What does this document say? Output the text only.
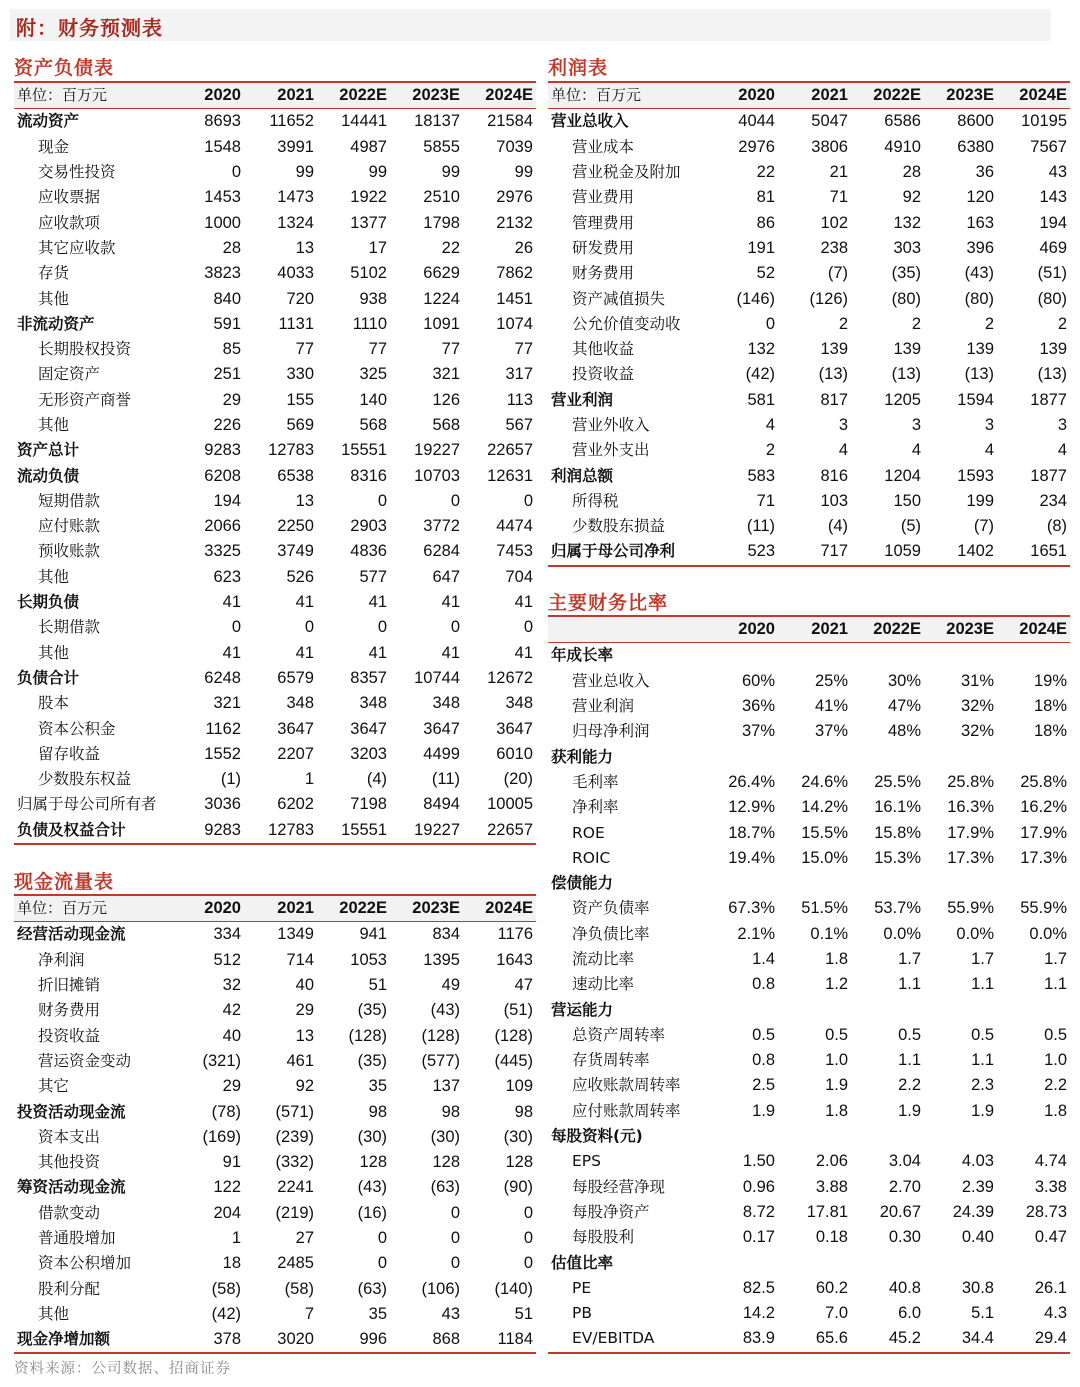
附：财务预测表
资产负债表
单位：百万元	2020	2021	2022E	2023E	2024E
流动资产	8693	11652	14441	18137	21584
现金	1548	3991	4987	5855	7039
交易性投资	0	99	99	99	99
应收票据	1453	1473	1922	2510	2976
应收款项	1000	1324	1377	1798	2132
其它应收款	28	13	17	22	26
存货	3823	4033	5102	6629	7862
其他	840	720	938	1224	1451
非流动资产	591	1131	1110	1091	1074
长期股权投资	85	77	77	77	77
固定资产	251	330	325	321	317
无形资产商誉	29	155	140	126	113
其他	226	569	568	568	567
资产总计	9283	12783	15551	19227	22657
流动负债	6208	6538	8316	10703	12631
短期借款	194	13	0	0	0
应付账款	2066	2250	2903	3772	4474
预收账款	3325	3749	4836	6284	7453
其他	623	526	577	647	704
长期负债	41	41	41	41	41
长期借款	0	0	0	0	0
其他	41	41	41	41	41
负债合计	6248	6579	8357	10744	12672
股本	321	348	348	348	348
资本公积金	1162	3647	3647	3647	3647
留存收益	1552	2207	3203	4499	6010
少数股东权益	(1)	1	(4)	(11)	(20)
归属于母公司所有者	3036	6202	7198	8494	10005
负债及权益合计	9283	12783	15551	19227	22657
现金流量表
单位：百万元	2020	2021	2022E	2023E	2024E
经营活动现金流	334	1349	941	834	1176
净利润	512	714	1053	1395	1643
折旧摊销	32	40	51	49	47
财务费用	42	29	(35)	(43)	(51)
投资收益	40	13	(128)	(128)	(128)
营运资金变动	(321)	461	(35)	(577)	(445)
其它	29	92	35	137	109
投资活动现金流	(78)	(571)	98	98	98
资本支出	(169)	(239)	(30)	(30)	(30)
其他投资	91	(332)	128	128	128
筹资活动现金流	122	2241	(43)	(63)	(90)
借款变动	204	(219)	(16)	0	0
普通股增加	1	27	0	0	0
资本公积增加	18	2485	0	0	0
股利分配	(58)	(58)	(63)	(106)	(140)
其他	(42)	7	35	43	51
现金净增加额	378	3020	996	868	1184
利润表
单位：百万元	2020	2021	2022E	2023E	2024E
营业总收入	4044	5047	6586	8600	10195
营业成本	2976	3806	4910	6380	7567
营业税金及附加	22	21	28	36	43
营业费用	81	71	92	120	143
管理费用	86	102	132	163	194
研发费用	191	238	303	396	469
财务费用	52	(7)	(35)	(43)	(51)
资产减值损失	(146)	(126)	(80)	(80)	(80)
公允价值变动收	0	2	2	2	2
其他收益	132	139	139	139	139
投资收益	(42)	(13)	(13)	(13)	(13)
营业利润	581	817	1205	1594	1877
营业外收入	4	3	3	3	3
营业外支出	2	4	4	4	4
利润总额	583	816	1204	1593	1877
所得税	71	103	150	199	234
少数股东损益	(11)	(4)	(5)	(7)	(8)
归属于母公司净利	523	717	1059	1402	1651
主要财务比率
	2020	2021	2022E	2023E	2024E
年成长率					
营业总收入	60%	25%	30%	31%	19%
营业利润	36%	41%	47%	32%	18%
归母净利润	37%	37%	48%	32%	18%
获利能力					
毛利率	26.4%	24.6%	25.5%	25.8%	25.8%
净利率	12.9%	14.2%	16.1%	16.3%	16.2%
ROE	18.7%	15.5%	15.8%	17.9%	17.9%
ROIC	19.4%	15.0%	15.3%	17.3%	17.3%
偿债能力					
资产负债率	67.3%	51.5%	53.7%	55.9%	55.9%
净负债比率	2.1%	0.1%	0.0%	0.0%	0.0%
流动比率	1.4	1.8	1.7	1.7	1.7
速动比率	0.8	1.2	1.1	1.1	1.1
营运能力					
总资产周转率	0.5	0.5	0.5	0.5	0.5
存货周转率	0.8	1.0	1.1	1.1	1.0
应收账款周转率	2.5	1.9	2.2	2.3	2.2
应付账款周转率	1.9	1.8	1.9	1.9	1.8
每股资料(元)					
EPS	1.50	2.06	3.04	4.03	4.74
每股经营净现	0.96	3.88	2.70	2.39	3.38
每股净资产	8.72	17.81	20.67	24.39	28.73
每股股利	0.17	0.18	0.30	0.40	0.47
估值比率					
PE	82.5	60.2	40.8	30.8	26.1
PB	14.2	7.0	6.0	5.1	4.3
EV/EBITDA	83.9	65.6	45.2	34.4	29.4
资料来源：公司数据、招商证券
